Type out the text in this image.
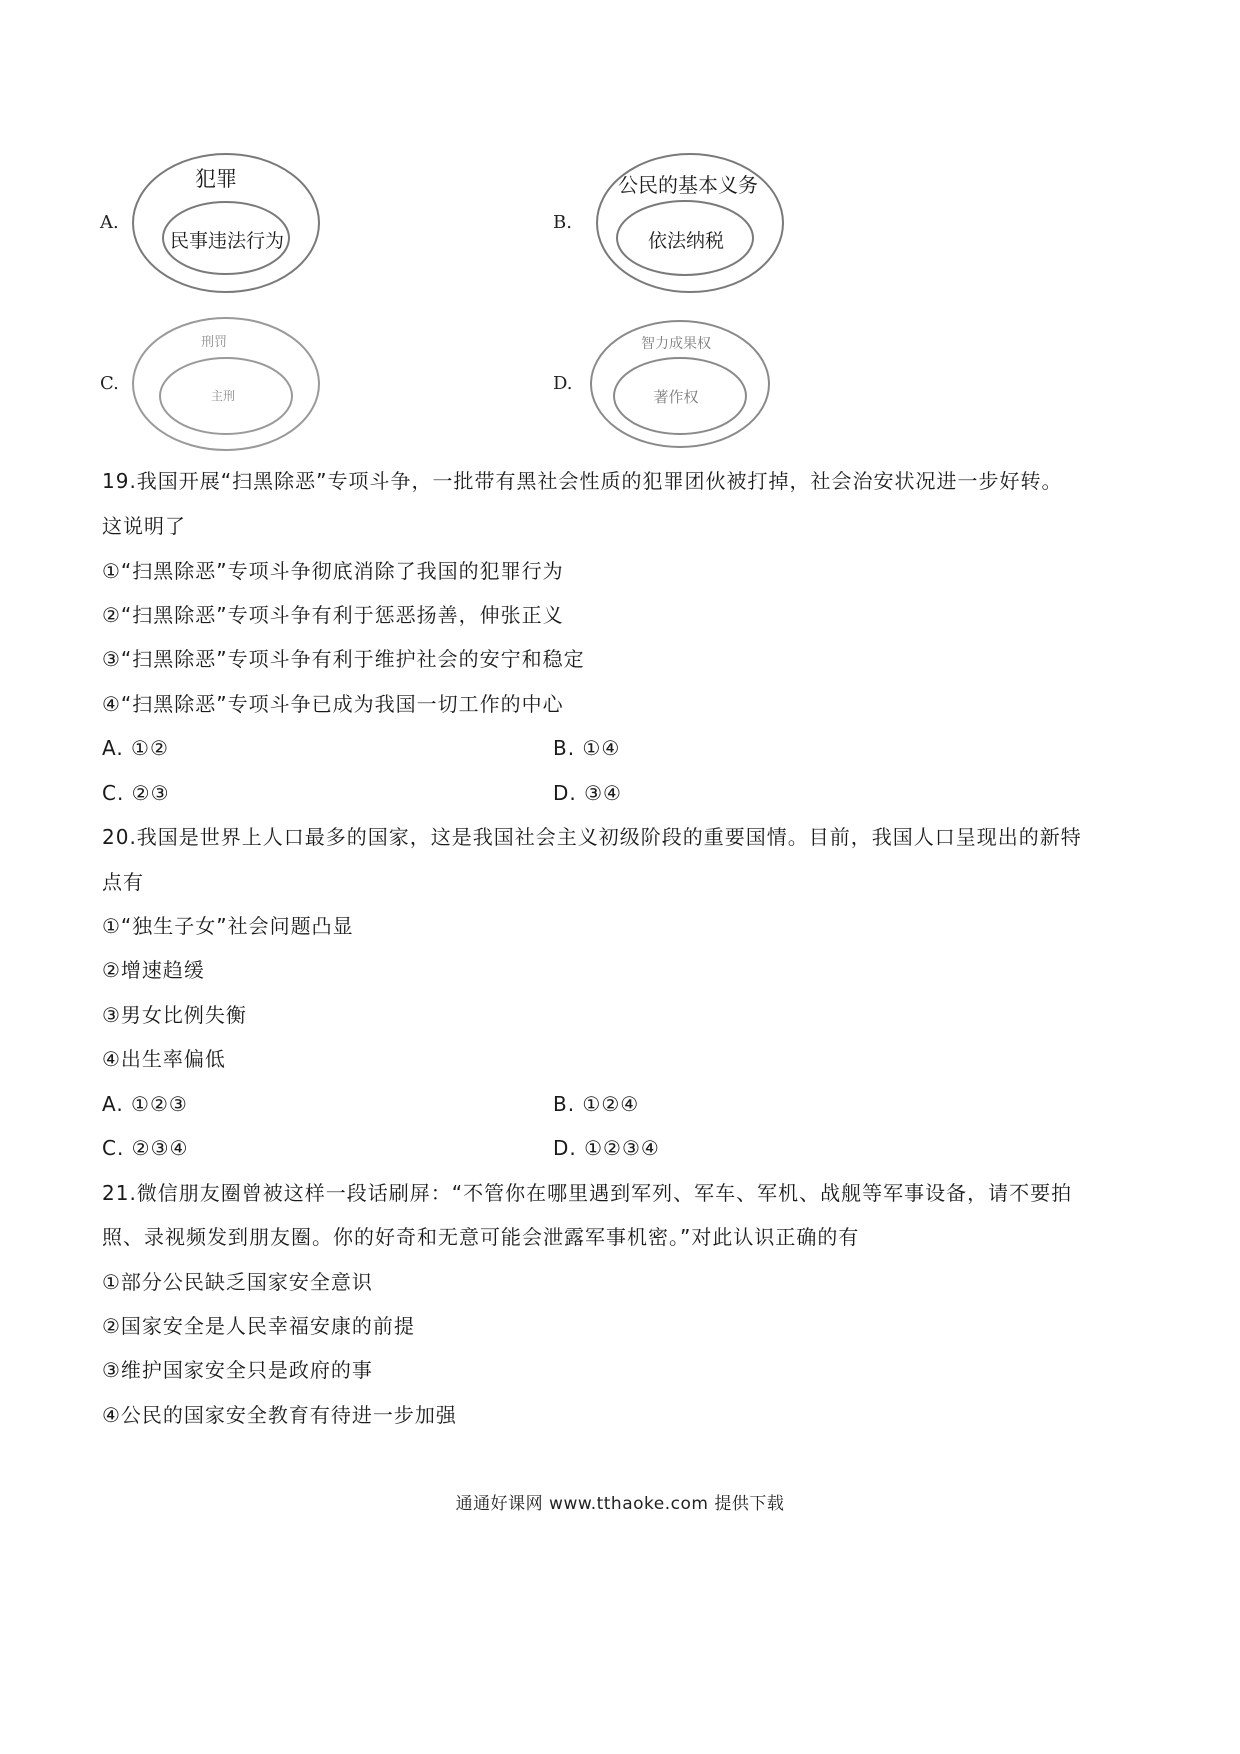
A.
犯罪
民事违法行为
B.
公民的基本义务
依法纳税
C.
刑罚
主刑
D.
智力成果权
著作权
19.我国开展“扫黑除恶”专项斗争，一批带有黑社会性质的犯罪团伙被打掉，社会治安状况进一步好转。
这说明了
①“扫黑除恶”专项斗争彻底消除了我国的犯罪行为
②“扫黑除恶”专项斗争有利于惩恶扬善，伸张正义
③“扫黑除恶”专项斗争有利于维护社会的安宁和稳定
④“扫黑除恶”专项斗争已成为我国一切工作的中心
A. ①②	B. ①④
C. ②③	D. ③④
20.我国是世界上人口最多的国家，这是我国社会主义初级阶段的重要国情。目前，我国人口呈现出的新特
点有
①“独生子女”社会问题凸显
②增速趋缓
③男女比例失衡
④出生率偏低
A. ①②③	B. ①②④
C. ②③④	D. ①②③④
21.微信朋友圈曾被这样一段话刷屏：“不管你在哪里遇到军列、军车、军机、战舰等军事设备，请不要拍
照、录视频发到朋友圈。你的好奇和无意可能会泄露军事机密。”对此认识正确的有
①部分公民缺乏国家安全意识
②国家安全是人民幸福安康的前提
③维护国家安全只是政府的事
④公民的国家安全教育有待进一步加强
通通好课网 www.tthaoke.com 提供下载
